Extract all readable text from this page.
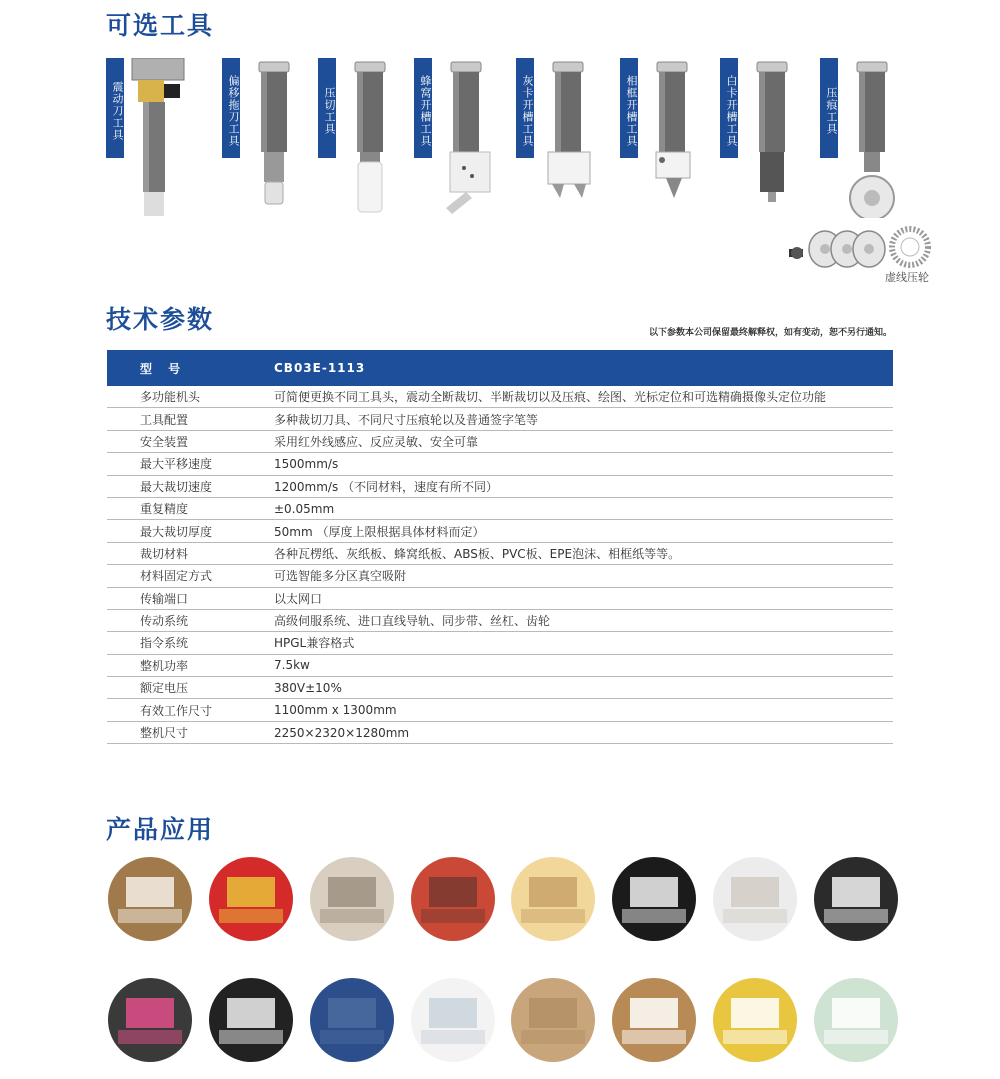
可选工具
震动刀工具	偏移拖刀工具	压切工具	蜂窝开槽工具	灰卡开槽工具	相框开槽工具	白卡开槽工具	压痕工具
虚线压轮
技术参数	以下参数本公司保留最终解释权，如有变动，恕不另行通知。
型 号	CB03E-1113
多功能机头	可简便更换不同工具头，震动全断裁切、半断裁切以及压痕、绘图、光标定位和可选精确摄像头定位功能
工具配置	多种裁切刀具、不同尺寸压痕轮以及普通签字笔等
安全装置	采用红外线感应、反应灵敏、安全可靠
最大平移速度	1500mm/s
最大裁切速度	1200mm/s （不同材料，速度有所不同）
重复精度	±0.05mm
最大裁切厚度	50mm （厚度上限根据具体材料而定）
裁切材料	各种瓦楞纸、灰纸板、蜂窝纸板、ABS板、PVC板、EPE泡沫、相框纸等等。
材料固定方式	可选智能多分区真空吸附
传输端口	以太网口
传动系统	高级伺服系统、进口直线导轨、同步带、丝杠、齿轮
指令系统	HPGL兼容格式
整机功率	7.5kw
额定电压	380V±10%
有效工作尺寸	1100mm x 1300mm
整机尺寸	2250×2320×1280mm
产品应用
